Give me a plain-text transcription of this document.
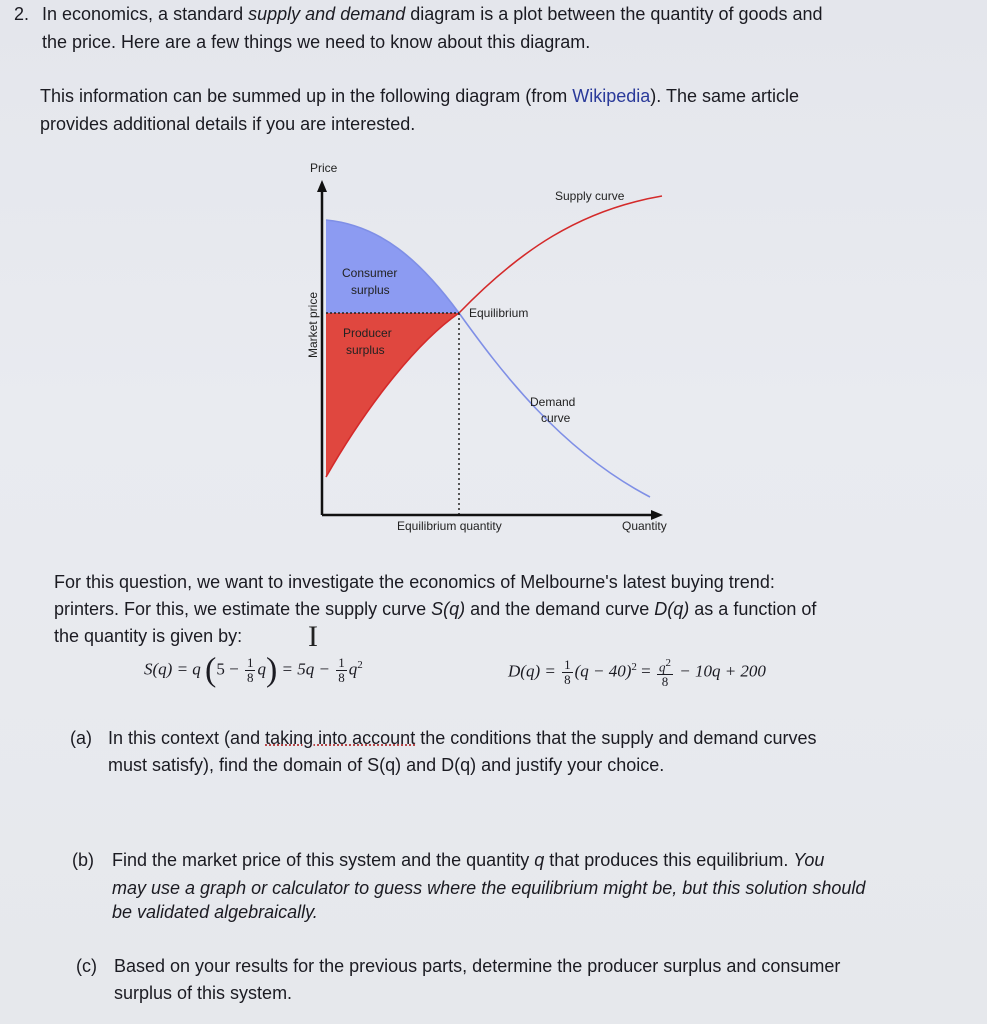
2. In economics, a standard supply and demand diagram is a plot between the quantity of goods and
the price. Here are a few things we need to know about this diagram.
This information can be summed up in the following diagram (from Wikipedia). The same article
provides additional details if you are interested.
Price
Quantity
Supply curve
Equilibrium
Demand
curve
Equilibrium quantity
Consumer
surplus
Producer
surplus
Market price
For this question, we want to investigate the economics of Melbourne's latest buying trend:
printers. For this, we estimate the supply curve S(q) and the demand curve D(q) as a function of
the quantity is given by: I
S(q) = q $(5 - \frac{1}{8} q) = 5q - \frac{1}{8} q^2$	$D(q) = \frac{1}{8} (q - 40)^2 = \frac{q^2}{8} - 10q + 200$
(a) In this context (and taking into account the conditions that the supply and demand curves
must satisfy), find the domain of S(q) and D(q) and justify your choice.
(b) Find the market price of this system and the quantity q that produces this equilibrium. You
may use a graph or calculator to guess where the equilibrium might be, but this solution should
be validated algebraically.
(c) Based on your results for the previous parts, determine the producer surplus and consumer
surplus of this system.
